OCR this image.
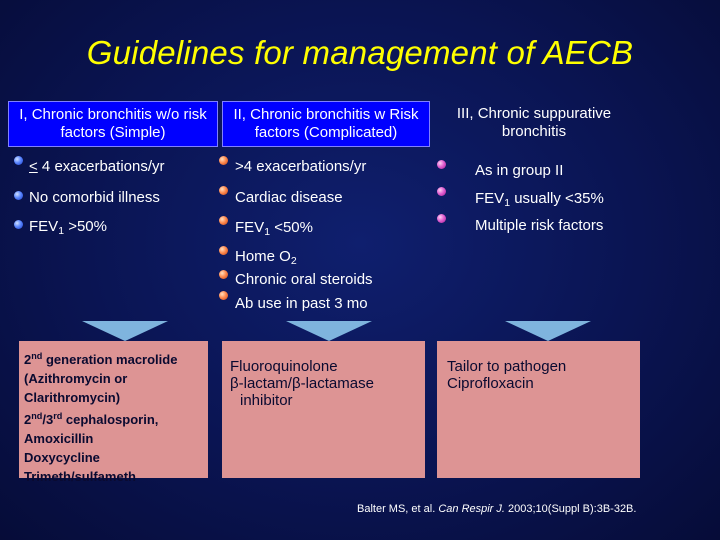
Guidelines for management of AECB
I, Chronic bronchitis w/o risk factors (Simple)
II, Chronic bronchitis w Risk factors (Complicated)
III, Chronic suppurative bronchitis
< 4 exacerbations/yr
No comorbid illness
$FEV_1 >50\%$
>4 exacerbations/yr
Cardiac disease
$FEV_1 <50\%$
Home $O_2$
Chronic oral steroids
Ab use in past 3 mo
As in group II
$FEV_1$ usually <35%
Multiple risk factors
2nd generation macrolide
(Azithromycin or
Clarithromycin)
2nd/3rd cephalosporin,
Amoxicillin
Doxycycline
Trimeth/sulfameth
Fluoroquinolone
β-lactam/β-lactamase
inhibitor
Tailor to pathogen
Ciprofloxacin
Balter MS, et al. Can Respir J. 2003;10(Suppl B):3B-32B.
